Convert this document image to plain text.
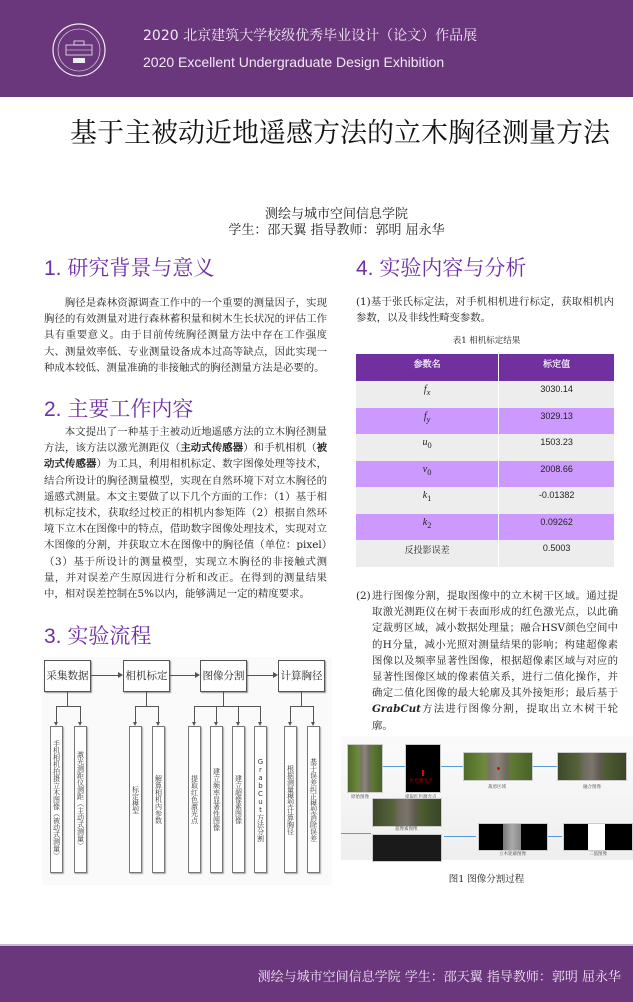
2020 北京建筑大学校级优秀毕业设计（论文）作品展
2020 Excellent Undergraduate Design Exhibition
基于主被动近地遥感方法的立木胸径测量方法
测绘与城市空间信息学院
学生：邵天翼 指导教师：郭明 屈永华
1. 研究背景与意义
胸径是森林资源调查工作中的一个重要的测量因子，实现胸径的有效测量对进行森林蓄积量和树木生长状况的评估工作具有重要意义。由于目前传统胸径测量方法中存在工作强度大、测量效率低、专业测量设备成本过高等缺点，因此实现一种成本较低、测量准确的非接触式的胸径测量方法是必要的。
2. 主要工作内容
本文提出了一种基于主被动近地遥感方法的立木胸径测量方法，该方法以激光测距仪（主动式传感器）和手机相机（被动式传感器）为工具，利用相机标定、数字图像处理等技术，结合所设计的胸径测量模型，实现在自然环境下对立木胸径的遥感式测量。本文主要做了以下几个方面的工作：（1）基于相机标定技术，获取经过校正的相机内参矩阵（2）根据自然环境下立木在图像中的特点，借助数字图像处理技术，实现对立木图像的分割，并获取立木在图像中的胸径值（单位：pixel）（3）基于所设计的测量模型，实现立木胸径的非接触式测量，并对误差产生原因进行分析和改正。在得到的测量结果中，相对误差控制在5%以内，能够满足一定的精度要求。
3. 实验流程
采集数据	相机标定	图像分割	计算胸径
手机相机拍摄立木图像（被动式测量）	激光测距仪测距（主动式测量）	标定模型	解算相机内参数	提取红色激光点	建立频率显著性图像	建立超像素图像	GrabCut方法分割	根据测量模型计算胸径	基于误差纠正模型消除误差
4. 实验内容与分析
(1)基于张氏标定法，对手机相机进行标定，获取相机内参数，以及非线性畸变参数。
表1 相机标定结果
参数名	标定值
$f_x$	3030.14
$f_y$	3029.13
$u_0$	1503.23
$v_0$	2008.66
$k_1$	-0.01382
$k_2$	0.09262
反投影误差	0.5003
(2) 进行图像分割，提取图像中的立木树干区域。通过提取激光测距仪在树干表面形成的红色激光点，以此确定裁剪区域，减小数据处理量；融合HSV颜色空间中的H分量，减小光照对测量结果的影响；构建超像素图像以及频率显著性图像，根据超像素区域与对应的显著性图像区域的像素值关系，进行二值化操作，并确定二值化图像的最大轮廓及其外接矩形；最后基于GrabCut方法进行图像分割，提取出立木树干轮廓。
原始图像
红色激光点
裁剪区域	融合图像
超像素图像
立木轮廓图像	二值图像
图1 图像分割过程
测绘与城市空间信息学院 学生：邵天翼 指导教师：郭明 屈永华
